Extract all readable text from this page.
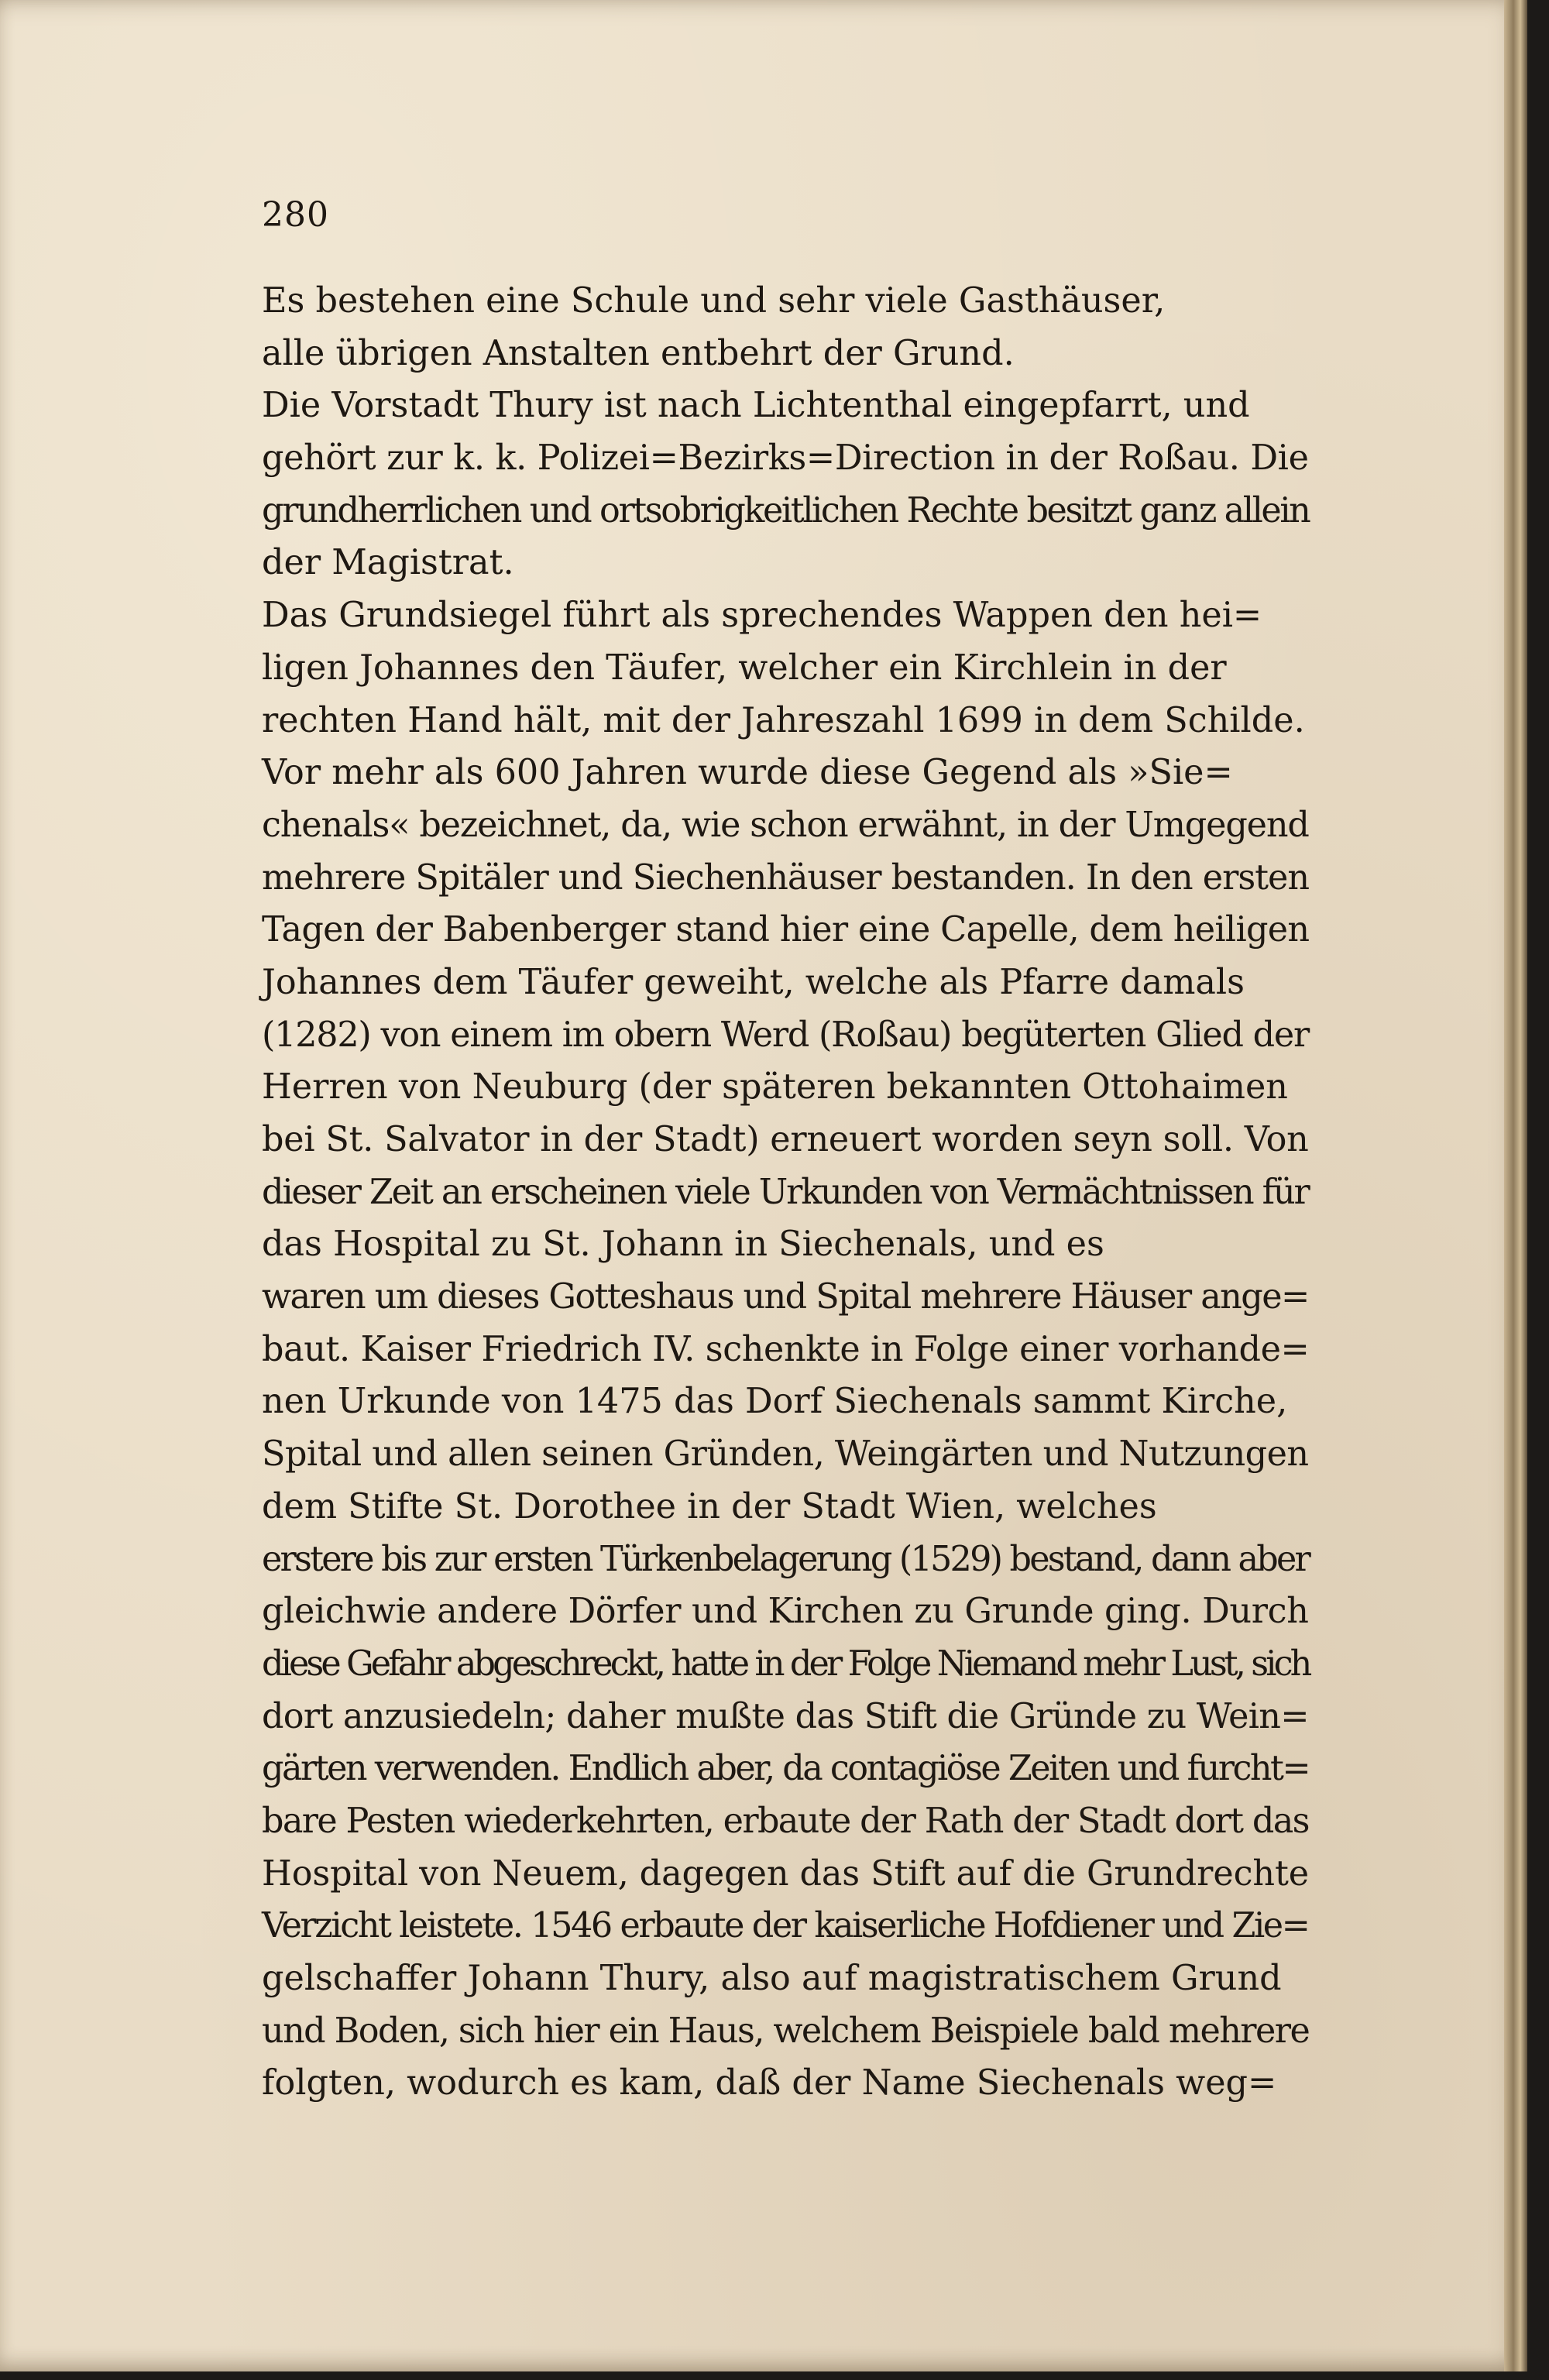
280
Es bestehen eine Schule und sehr viele Gasthäuser,
alle übrigen Anstalten entbehrt der Grund.
Die Vorstadt Thury ist nach Lichtenthal eingepfarrt, und
gehört zur k. k. Polizei=Bezirks=Direction in der Roßau. Die
grundherrlichen und ortsobrigkeitlichen Rechte besitzt ganz allein
der Magistrat.
Das Grundsiegel führt als sprechendes Wappen den hei=
ligen Johannes den Täufer, welcher ein Kirchlein in der
rechten Hand hält, mit der Jahreszahl 1699 in dem Schilde.
Vor mehr als 600 Jahren wurde diese Gegend als »Sie=
chenals« bezeichnet, da, wie schon erwähnt, in der Umgegend
mehrere Spitäler und Siechenhäuser bestanden. In den ersten
Tagen der Babenberger stand hier eine Capelle, dem heiligen
Johannes dem Täufer geweiht, welche als Pfarre damals
(1282) von einem im obern Werd (Roßau) begüterten Glied der
Herren von Neuburg (der späteren bekannten Ottohaimen
bei St. Salvator in der Stadt) erneuert worden seyn soll. Von
dieser Zeit an erscheinen viele Urkunden von Vermächtnissen für
das Hospital zu St. Johann in Siechenals, und es
waren um dieses Gotteshaus und Spital mehrere Häuser ange=
baut. Kaiser Friedrich IV. schenkte in Folge einer vorhande=
nen Urkunde von 1475 das Dorf Siechenals sammt Kirche,
Spital und allen seinen Gründen, Weingärten und Nutzungen
dem Stifte St. Dorothee in der Stadt Wien, welches
erstere bis zur ersten Türkenbelagerung (1529) bestand, dann aber
gleichwie andere Dörfer und Kirchen zu Grunde ging. Durch
diese Gefahr abgeschreckt, hatte in der Folge Niemand mehr Lust, sich
dort anzusiedeln; daher mußte das Stift die Gründe zu Wein=
gärten verwenden. Endlich aber, da contagiöse Zeiten und furcht=
bare Pesten wiederkehrten, erbaute der Rath der Stadt dort das
Hospital von Neuem, dagegen das Stift auf die Grundrechte
Verzicht leistete. 1546 erbaute der kaiserliche Hofdiener und Zie=
gelschaffer Johann Thury, also auf magistratischem Grund
und Boden, sich hier ein Haus, welchem Beispiele bald mehrere
folgten, wodurch es kam, daß der Name Siechenals weg=
